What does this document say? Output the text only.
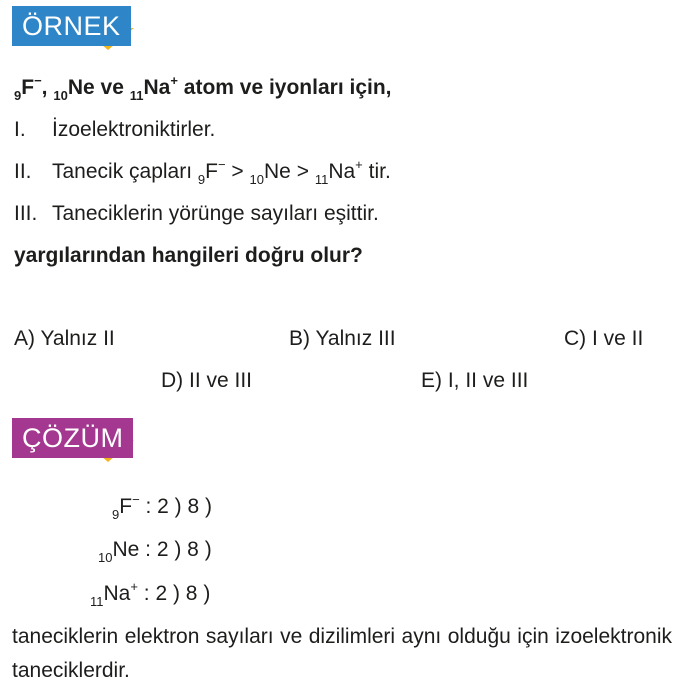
ÖRNEK
$_9$F−, $_{10}$Ne ve $_{11}$Na+ atom ve iyonları için,
I. İzoelektroniktirler.
II. Tanecik çapları $_9$F− > $_{10}$Ne > $_{11}$Na+ tir.
III. Taneciklerin yörünge sayıları eşittir.
yargılarından hangileri doğru olur?
A) Yalnız II	B) Yalnız III	C) I ve II
D) II ve III	E) I, II ve III
ÇÖZÜM
$_9$F− : 2 ) 8 )
$_{10}$Ne : 2 ) 8 )
$_{11}$Na+ : 2 ) 8 )
taneciklerin elektron sayıları ve dizilimleri aynı olduğu için izoelektronik taneciklerdir.
